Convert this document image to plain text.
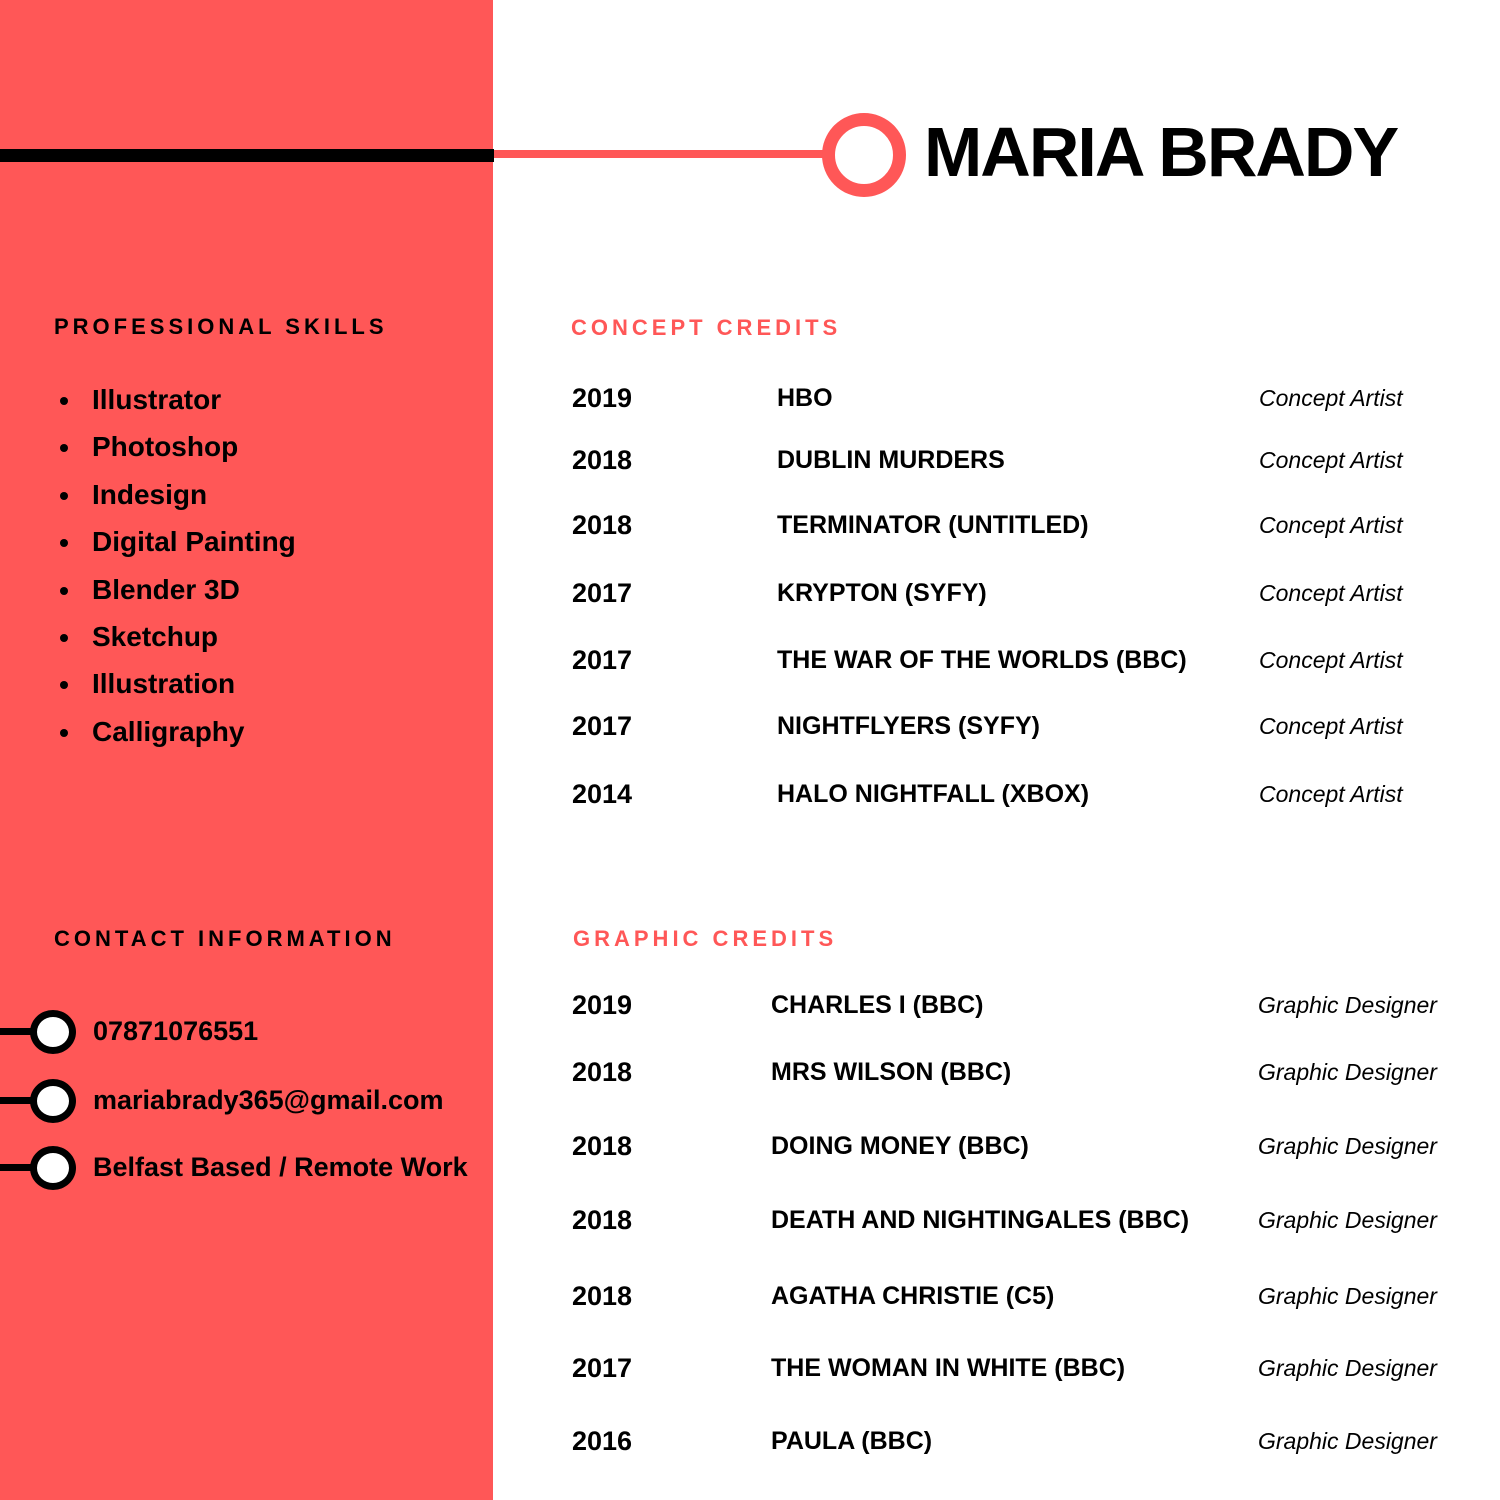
MARIA BRADY
PROFESSIONAL SKILLS
Illustrator
Photoshop
Indesign
Digital Painting
Blender 3D
Sketchup
Illustration
Calligraphy
CONTACT INFORMATION
07871076551
mariabrady365@gmail.com
Belfast Based / Remote Work
CONCEPT CREDITS
GRAPHIC CREDITS
2019	HBO	Concept Artist
2018	DUBLIN MURDERS	Concept Artist
2018	TERMINATOR (UNTITLED)	Concept Artist
2017	KRYPTON (SYFY)	Concept Artist
2017	THE WAR OF THE WORLDS (BBC)	Concept Artist
2017	NIGHTFLYERS (SYFY)	Concept Artist
2014	HALO NIGHTFALL (XBOX)	Concept Artist
2019	CHARLES I (BBC)	Graphic Designer
2018	MRS WILSON (BBC)	Graphic Designer
2018	DOING MONEY (BBC)	Graphic Designer
2018	DEATH AND NIGHTINGALES (BBC)	Graphic Designer
2018	AGATHA CHRISTIE (C5)	Graphic Designer
2017	THE WOMAN IN WHITE (BBC)	Graphic Designer
2016	PAULA (BBC)	Graphic Designer
